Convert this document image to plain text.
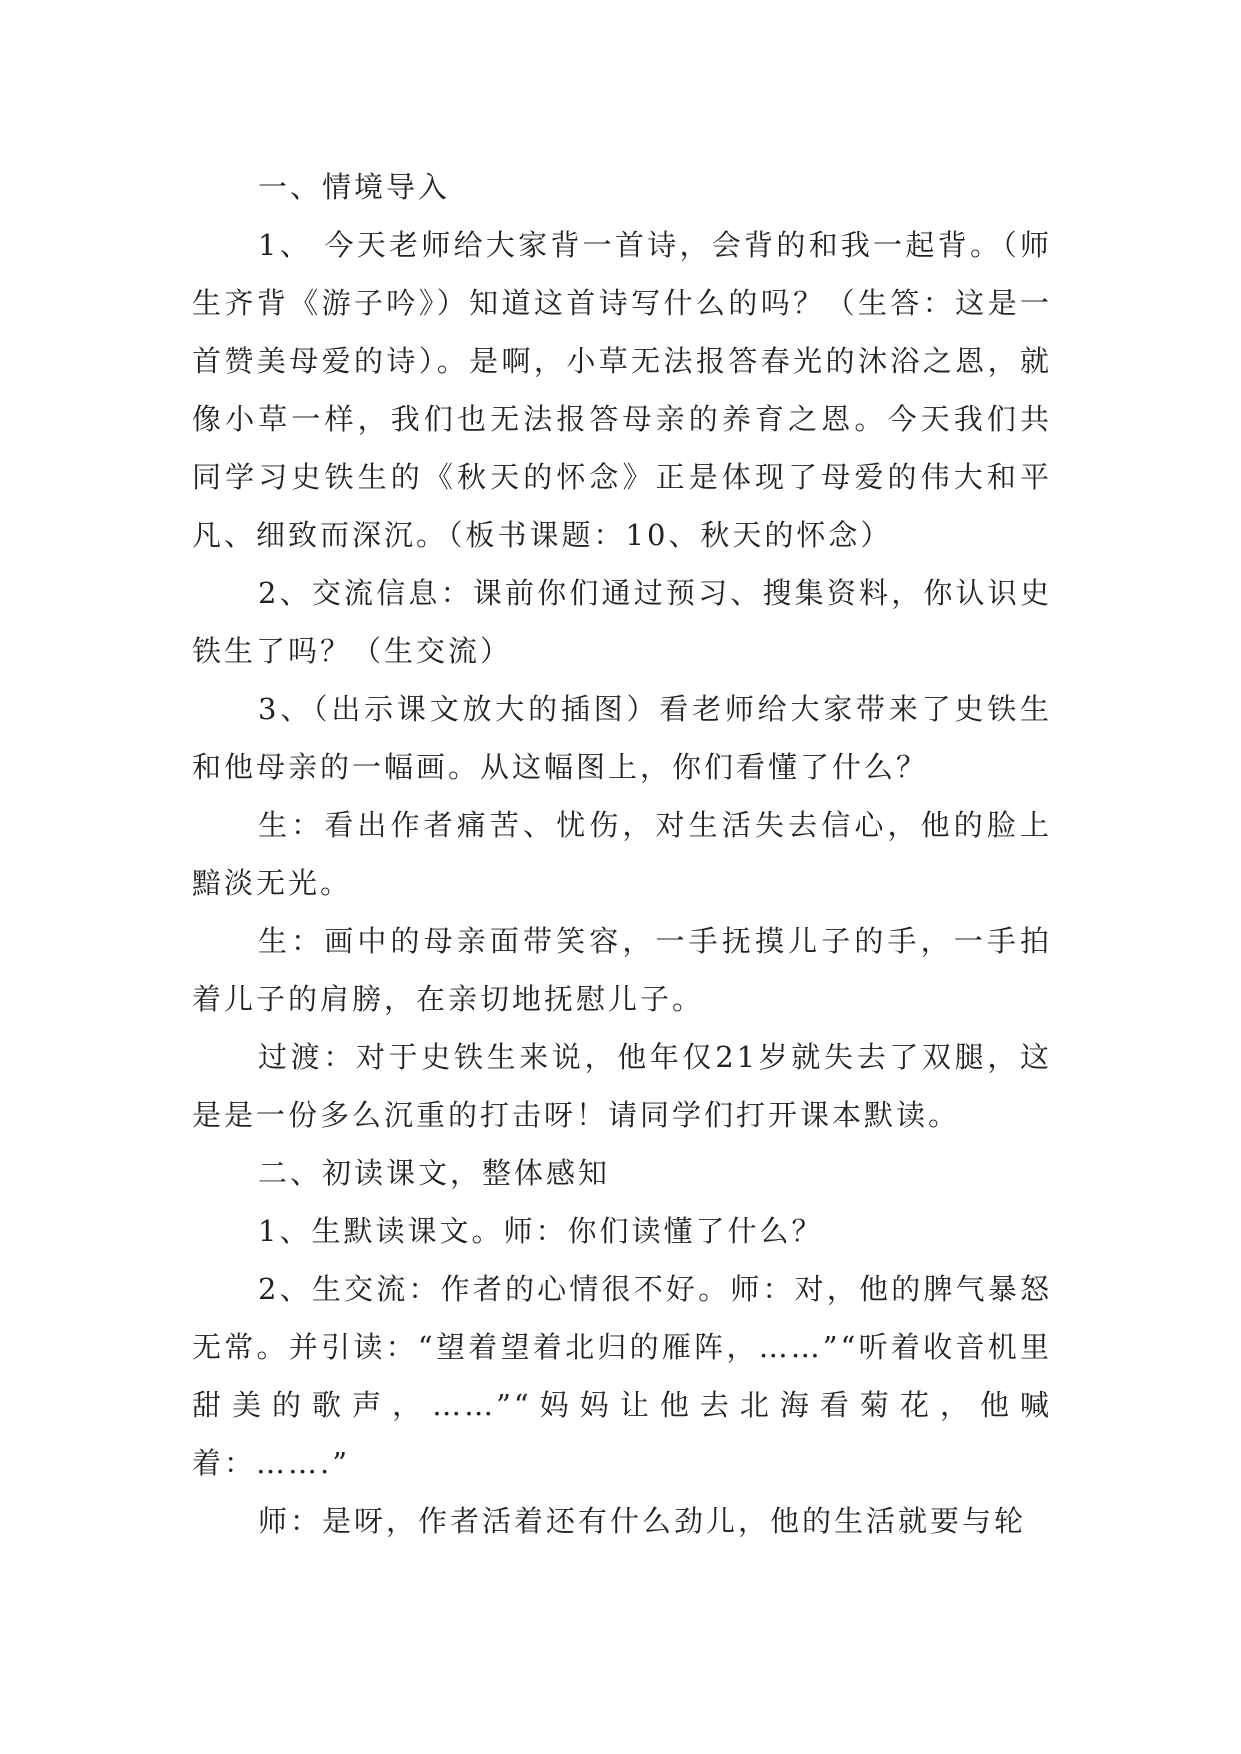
一、情境导入

1、 今天老师给大家背一首诗，会背的和我一起背。（师生齐背《游子吟》）知道这首诗写什么的吗？（生答：这是一首赞美母爱的诗）。是啊，小草无法报答春光的沐浴之恩，就像小草一样，我们也无法报答母亲的养育之恩。今天我们共同学习史铁生的《秋天的怀念》正是体现了母爱的伟大和平凡、细致而深沉。（板书课题：10、秋天的怀念）

2、交流信息：课前你们通过预习、搜集资料，你认识史铁生了吗？（生交流）

3、（出示课文放大的插图）看老师给大家带来了史铁生和他母亲的一幅画。从这幅图上，你们看懂了什么？

生：看出作者痛苦、忧伤，对生活失去信心，他的脸上黯淡无光。

生：画中的母亲面带笑容，一手抚摸儿子的手，一手拍着儿子的肩膀，在亲切地抚慰儿子。

过渡：对于史铁生来说，他年仅21岁就失去了双腿，这是是一份多么沉重的打击呀！请同学们打开课本默读。

二、初读课文，整体感知

1、生默读课文。师：你们读懂了什么？

2、生交流：作者的心情很不好。师：对，他的脾气暴怒无常。并引读：“望着望着北归的雁阵，……”“听着收音机里甜美的歌声，……”“妈妈让他去北海看菊花，他喊着：…….”

师：是呀，作者活着还有什么劲儿，他的生活就要与轮
